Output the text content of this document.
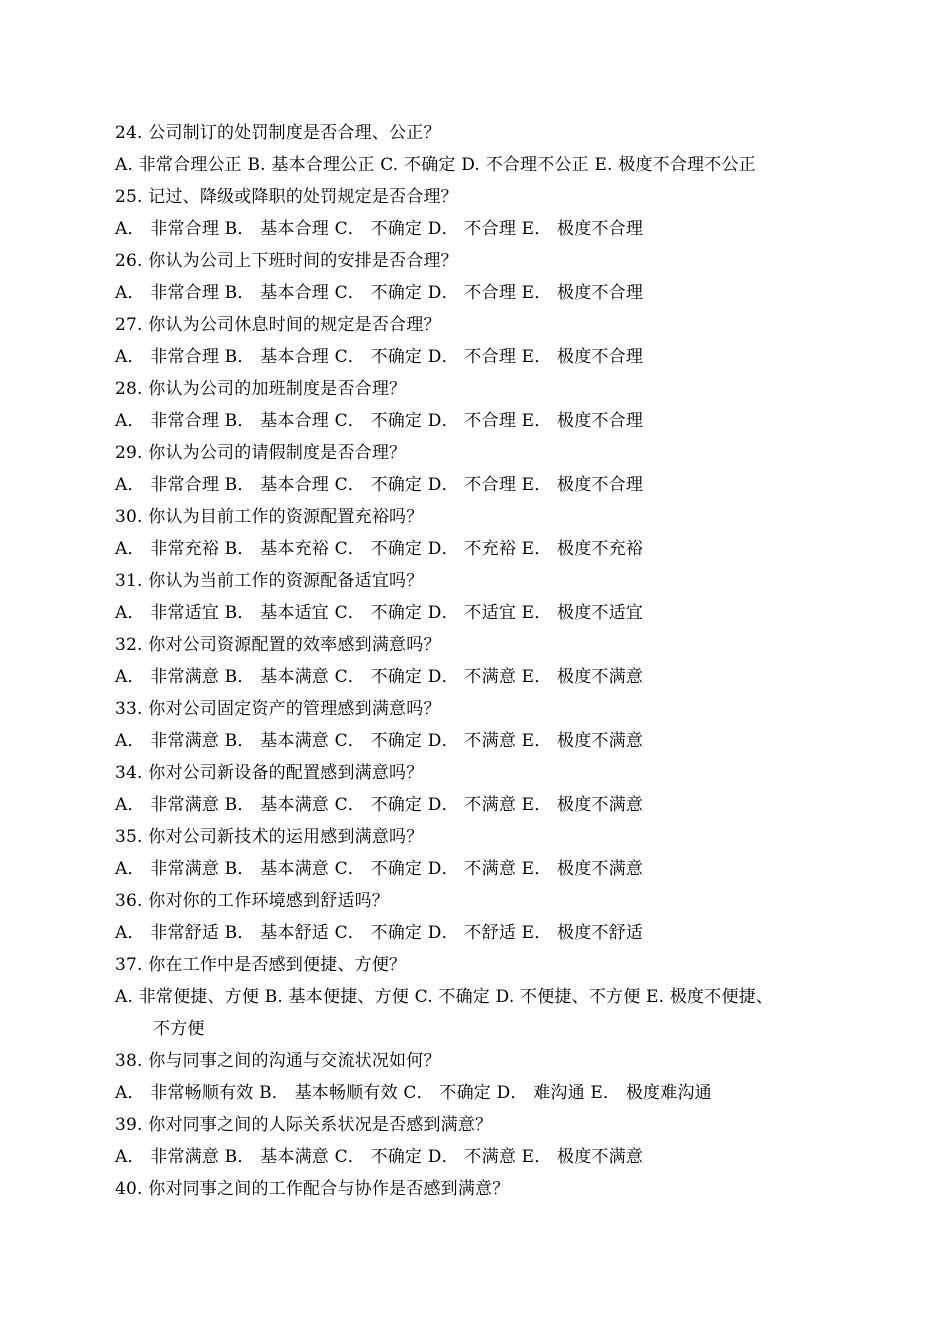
24. 公司制订的处罚制度是否合理、公正？
A. 非常合理公正 B. 基本合理公正 C. 不确定 D. 不合理不公正 E. 极度不合理不公正
25. 记过、降级或降职的处罚规定是否合理？
A． 非常合理 B． 基本合理 C． 不确定 D． 不合理 E． 极度不合理
26. 你认为公司上下班时间的安排是否合理？
A． 非常合理 B． 基本合理 C． 不确定 D． 不合理 E． 极度不合理
27. 你认为公司休息时间的规定是否合理？
A． 非常合理 B． 基本合理 C． 不确定 D． 不合理 E． 极度不合理
28. 你认为公司的加班制度是否合理？
A． 非常合理 B． 基本合理 C． 不确定 D． 不合理 E． 极度不合理
29. 你认为公司的请假制度是否合理？
A． 非常合理 B． 基本合理 C． 不确定 D． 不合理 E． 极度不合理
30. 你认为目前工作的资源配置充裕吗？
A． 非常充裕 B． 基本充裕 C． 不确定 D． 不充裕 E． 极度不充裕
31. 你认为当前工作的资源配备适宜吗？
A． 非常适宜 B． 基本适宜 C． 不确定 D． 不适宜 E． 极度不适宜
32. 你对公司资源配置的效率感到满意吗？
A． 非常满意 B． 基本满意 C． 不确定 D． 不满意 E． 极度不满意
33. 你对公司固定资产的管理感到满意吗？
A． 非常满意 B． 基本满意 C． 不确定 D． 不满意 E． 极度不满意
34. 你对公司新设备的配置感到满意吗？
A． 非常满意 B． 基本满意 C． 不确定 D． 不满意 E． 极度不满意
35. 你对公司新技术的运用感到满意吗？
A． 非常满意 B． 基本满意 C． 不确定 D． 不满意 E． 极度不满意
36. 你对你的工作环境感到舒适吗？
A． 非常舒适 B． 基本舒适 C． 不确定 D． 不舒适 E． 极度不舒适
37. 你在工作中是否感到便捷、方便？
A. 非常便捷、方便 B. 基本便捷、方便 C. 不确定 D. 不便捷、不方便 E. 极度不便捷、
不方便
38. 你与同事之间的沟通与交流状况如何？
A． 非常畅顺有效 B． 基本畅顺有效 C． 不确定 D． 难沟通 E． 极度难沟通
39. 你对同事之间的人际关系状况是否感到满意？
A． 非常满意 B． 基本满意 C． 不确定 D． 不满意 E． 极度不满意
40. 你对同事之间的工作配合与协作是否感到满意？
